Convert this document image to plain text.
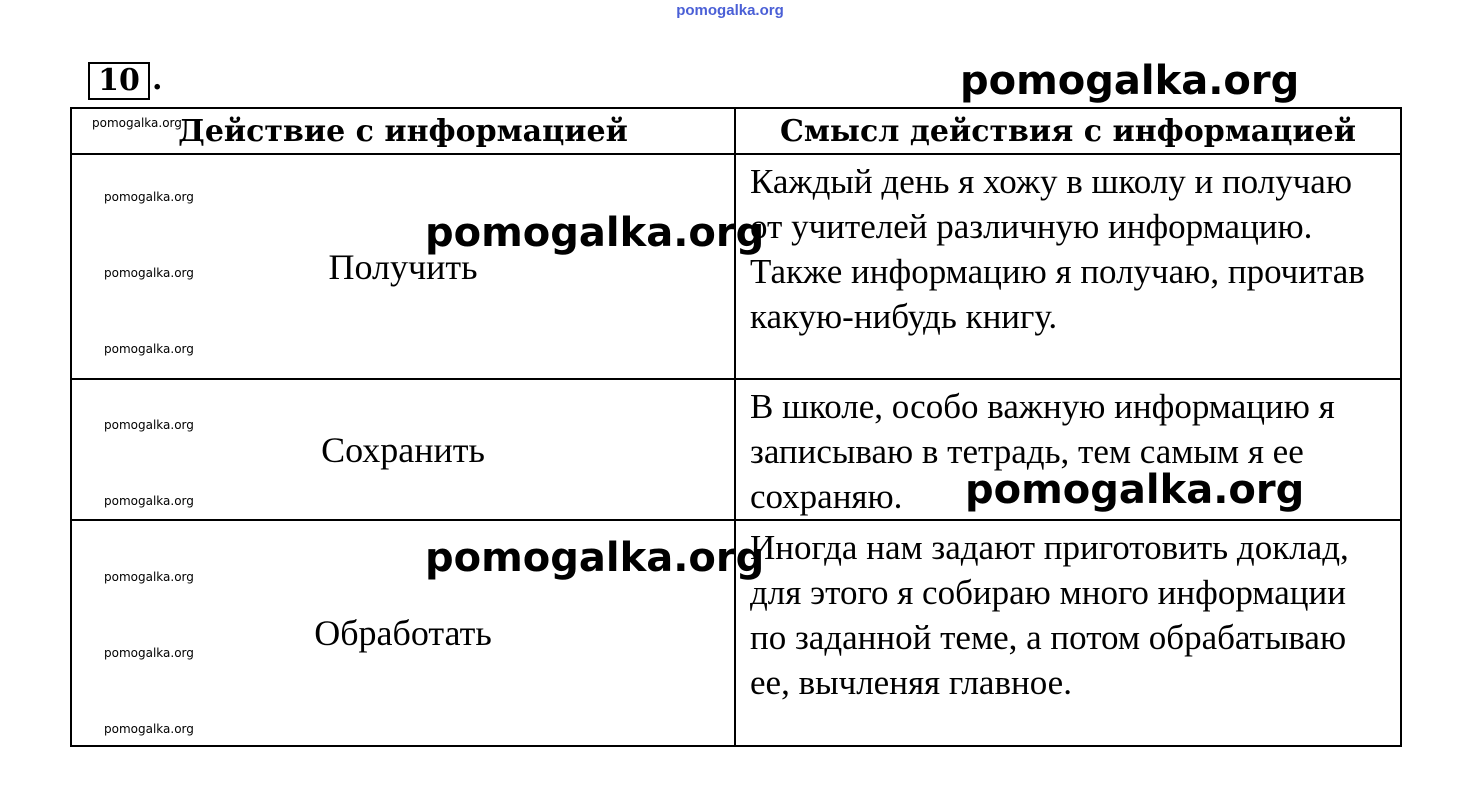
pomogalka.org
10 .	pomogalka.org
pomogalka.org
pomogalka.org
pomogalka.org
pomogalka.org
pomogalka.org
pomogalka.org
pomogalka.org
pomogalka.org
pomogalka.org
pomogalka.org
pomogalka.org
pomogalka.org
Действие с информацией	Смысл действия с информацией
Получить	Каждый день я хожу в школу и получаю от учителей различную информацию. Также информацию я получаю, прочитав какую-нибудь книгу.
Сохранить	В школе, особо важную информацию я записываю в тетрадь, тем самым я ее сохраняю.
Обработать	Иногда нам задают приготовить доклад, для этого я собираю много информации по заданной теме, а потом обрабатываю ее, вычленяя главное.
